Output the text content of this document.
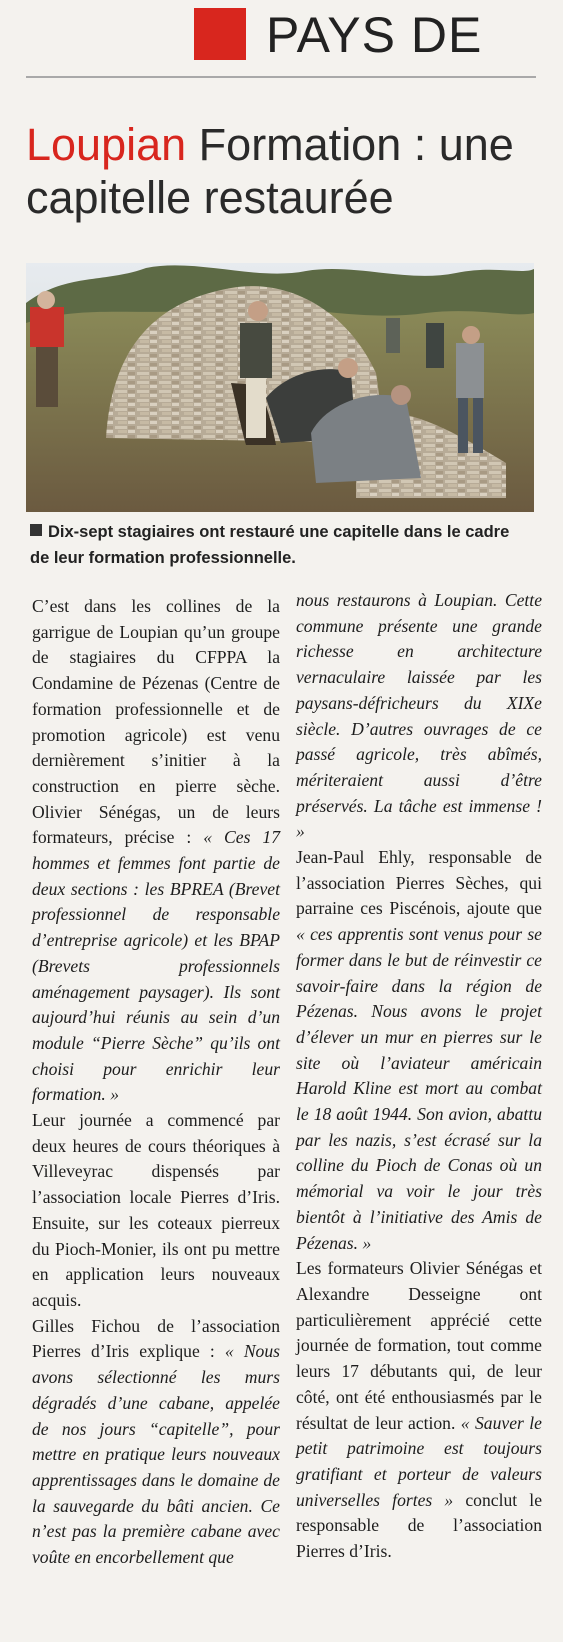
PAYS DE
Loupian Formation : une capitelle restaurée
Dix-sept stagiaires ont restauré une capitelle dans le cadre de leur formation professionnelle.

C’est dans les collines de la garrigue de Loupian qu’un groupe de stagiaires du CFPPA la Condamine de Pézenas (Centre de formation professionnelle et de promotion agricole) est venu dernièrement s’initier à la construction en pierre sèche. Olivier Sénégas, un de leurs formateurs, précise : « Ces 17 hommes et femmes font partie de deux sections : les BPREA (Brevet professionnel de responsable d’entreprise agricole) et les BPAP (Brevets professionnels aménagement paysager). Ils sont aujourd’hui réunis au sein d’un module “Pierre Sèche” qu’ils ont choisi pour enrichir leur formation. »

Leur journée a commencé par deux heures de cours théoriques à Villeveyrac dispensés par l’association locale Pierres d’Iris. Ensuite, sur les coteaux pierreux du Pioch-Monier, ils ont pu mettre en application leurs nouveaux acquis.

Gilles Fichou de l’association Pierres d’Iris explique : « Nous avons sélectionné les murs dégradés d’une cabane, appelée de nos jours “capitelle”, pour mettre en pratique leurs nouveaux apprentissages dans le domaine de la sauvegarde du bâti ancien. Ce n’est pas la première cabane avec voûte en encorbellement que

nous restaurons à Loupian. Cette commune présente une grande richesse en architecture vernaculaire laissée par les paysans-défricheurs du XIXe siècle. D’autres ouvrages de ce passé agricole, très abîmés, mériteraient aussi d’être préservés. La tâche est immense ! »

Jean-Paul Ehly, responsable de l’association Pierres Sèches, qui parraine ces Piscénois, ajoute que « ces apprentis sont venus pour se former dans le but de réinvestir ce savoir-faire dans la région de Pézenas. Nous avons le projet d’élever un mur en pierres sur le site où l’aviateur américain Harold Kline est mort au combat le 18 août 1944. Son avion, abattu par les nazis, s’est écrasé sur la colline du Pioch de Conas où un mémorial va voir le jour très bientôt à l’initiative des Amis de Pézenas. »

Les formateurs Olivier Sénégas et Alexandre Desseigne ont particulièrement apprécié cette journée de formation, tout comme leurs 17 débutants qui, de leur côté, ont été enthousiasmés par le résultat de leur action. « Sauver le petit patrimoine est toujours gratifiant et porteur de valeurs universelles fortes » conclut le responsable de l’association Pierres d’Iris.
